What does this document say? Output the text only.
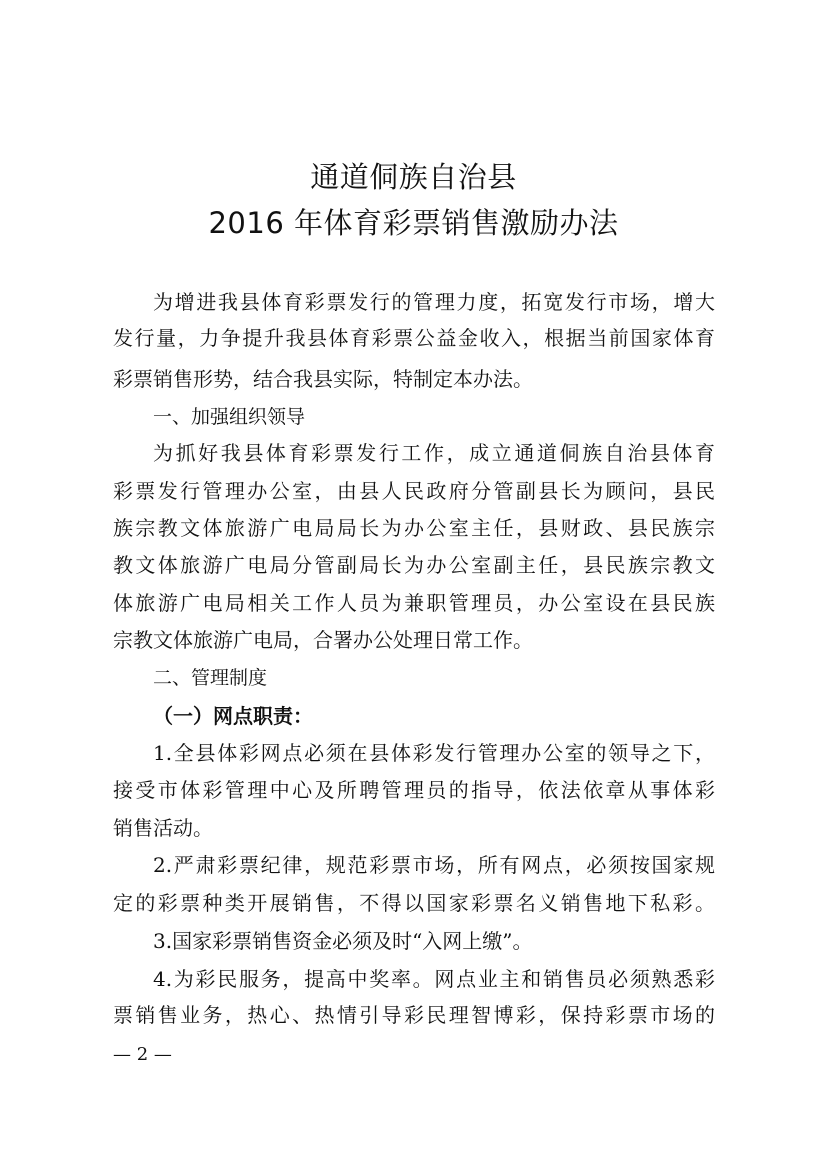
通道侗族自治县
2016 年体育彩票销售激励办法
为增进我县体育彩票发行的管理力度，拓宽发行市场，增大
发行量，力争提升我县体育彩票公益金收入，根据当前国家体育
彩票销售形势，结合我县实际，特制定本办法。
一、加强组织领导
为抓好我县体育彩票发行工作，成立通道侗族自治县体育
彩票发行管理办公室，由县人民政府分管副县长为顾问，县民
族宗教文体旅游广电局局长为办公室主任，县财政、县民族宗
教文体旅游广电局分管副局长为办公室副主任，县民族宗教文
体旅游广电局相关工作人员为兼职管理员，办公室设在县民族
宗教文体旅游广电局，合署办公处理日常工作。
二、管理制度
（一）网点职责：
1.全县体彩网点必须在县体彩发行管理办公室的领导之下，
接受市体彩管理中心及所聘管理员的指导，依法依章从事体彩
销售活动。
2.严肃彩票纪律，规范彩票市场，所有网点，必须按国家规
定的彩票种类开展销售，不得以国家彩票名义销售地下私彩。
3.国家彩票销售资金必须及时“入网上缴”。
4.为彩民服务，提高中奖率。网点业主和销售员必须熟悉彩
票销售业务，热心、热情引导彩民理智博彩，保持彩票市场的
— 2 —
